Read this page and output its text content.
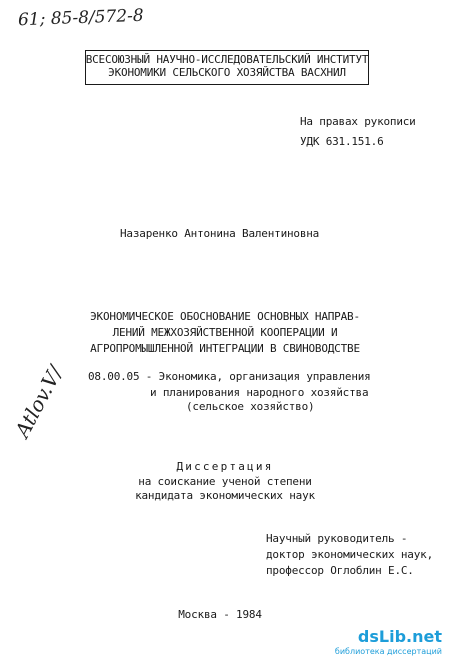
61; 85-8/572-8
ВСЕСОЮЗНЫЙ НАУЧНО-ИССЛЕДОВАТЕЛЬСКИЙ ИНСТИТУТ
ЭКОНОМИКИ СЕЛЬСКОГО ХОЗЯЙСТВА ВАСХНИЛ
На правах рукописи
УДК 631.151.6
Назаренко Антонина Валентиновна
ЭКОНОМИЧЕСКОЕ ОБОСНОВАНИЕ ОСНОВНЫХ НАПРАВ-
ЛЕНИЙ МЕЖХОЗЯЙСТВЕННОЙ КООПЕРАЦИИ И
АГРОПРОМЫШЛЕННОЙ ИНТЕГРАЦИИ В СВИНОВОДСТВЕ
08.00.05 - Экономика, организация управления
и планирования народного хозяйства
(сельское хозяйство)
Atlov.V/
Диссертация
на соискание ученой степени
кандидата экономических наук
Научный руководитель -
доктор экономических наук,
профессор Оглоблин Е.С.
Москва - 1984
dsLib.net
библиотека диссертаций
